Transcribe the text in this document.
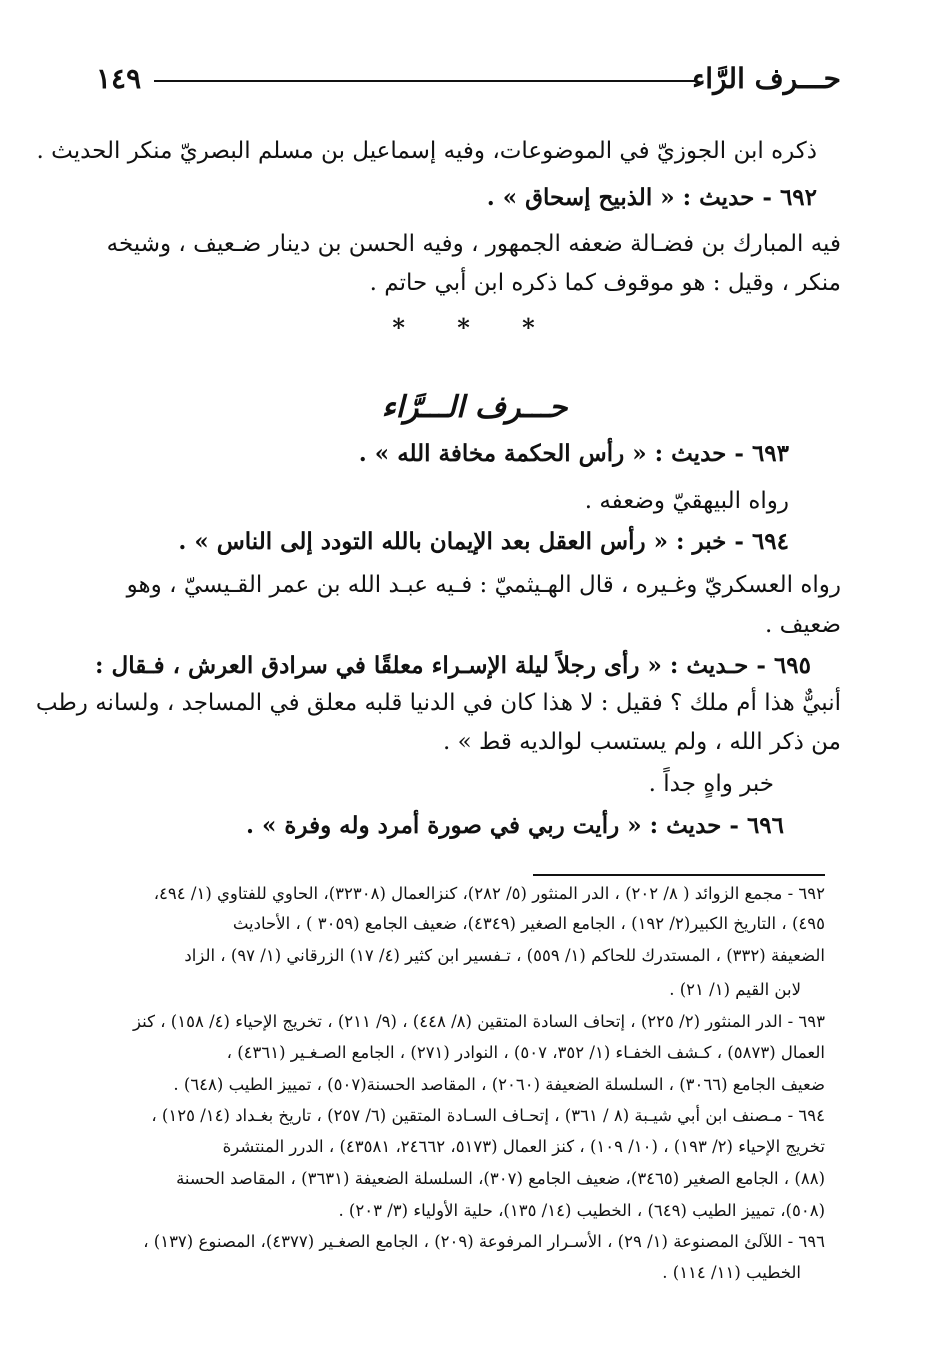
١٤٩	حـــرف الرَّاء
ذكره ابن الجوزيّ في الموضوعات، وفيه إسماعيل بن مسلم البصريّ منكر الحديث .
٦٩٢ - حديث : « الذبيح إسحاق » .
فيه المبارك بن فضـالة ضعفه الجمهور ، وفيه الحسن بن دينار ضـعيف ، وشيخه
منكر ، وقيل : هو موقوف كما ذكره ابن أبي حاتم .
* * *
حـــرف الـــرَّاء
٦٩٣ - حديث : « رأس الحكمة مخافة الله » .
رواه البيهقيّ وضعفه .
٦٩٤ - خبر : « رأس العقل بعد الإيمان بالله التودد إلى الناس » .
رواه العسكريّ وغـيره ، قال الهـيثميّ : فـيه عبـد الله بن عمر القـيسيّ ، وهو
ضعيف .
٦٩٥ - حـديث : « رأى رجلاً ليلة الإسـراء معلقًا في سرادق العرش ، فـقال :
أنبيٌّ هذا أم ملك ؟ فقيل : لا هذا كان في الدنيا قلبه معلق في المساجد ، ولسانه رطب
من ذكر الله ، ولم يستسب لوالديه قط » .
خبر واهٍ جداً .
٦٩٦ - حديث : « رأيت ربي في صورة أمرد وله وفرة » .
٦٩٢ - مجمع الزوائد ( ٨/ ٢٠٢) ، الدر المنثور (٥/ ٢٨٢)، كنزالعمال (٣٢٣٠٨)، الحاوي للفتاوي (١/ ٤٩٤،
٤٩٥) ، التاريخ الكبير(٢/ ١٩٢) ، الجامع الصغير (٤٣٤٩)، ضعيف الجامع (٣٠٥٩ ) ، الأحاديث
الضعيفة (٣٣٢) ، المستدرك للحاكم (١/ ٥٥٩) ، تـفسير ابن كثير (٤/ ١٧) الزرقاني (١/ ٩٧) ، الزاد
لابن القيم (١/ ٢١) .
٦٩٣ - الدر المنثور (٢/ ٢٢٥) ، إتحاف السادة المتقين (٨/ ٤٤٨) ، (٩/ ٢١١) ، تخريج الإحياء (٤/ ١٥٨) ، كنز
العمال (٥٨٧٣) ، كـشف الخفـاء (١/ ٣٥٢، ٥٠٧) ، النوادر (٢٧١) ، الجامع الصـغـير (٤٣٦١) ،
ضعيف الجامع (٣٠٦٦) ، السلسلة الضعيفة (٢٠٦٠) ، المقاصد الحسنة(٥٠٧) ، تمييز الطيب (٦٤٨) .
٦٩٤ - مـصنف ابن أبي شيـبة (٨ / ٣٦١) ، إتحـاف السـادة المتقين (٦/ ٢٥٧) ، تاريخ بغـداد (١٤/ ١٢٥) ،
تخريج الإحياء (٢/ ١٩٣) ، (١٠/ ١٠٩) ، كنز العمال (٥١٧٣، ٢٤٦٦٢، ٤٣٥٨١) ، الدرر المنتشرة
(٨٨) ، الجامع الصغير (٣٤٦٥)، ضعيف الجامع (٣٠٧)، السلسلة الضعيفة (٣٦٣١) ، المقاصد الحسنة
(٥٠٨)، تمييز الطيب (٦٤٩) ، الخطيب (١٤/ ١٣٥)، حلية الأولياء (٣/ ٢٠٣) .
٦٩٦ - اللآلئ المصنوعة (١/ ٢٩) ، الأسـرار المرفوعة (٢٠٩) ، الجامع الصغـير (٤٣٧٧)، المصنوع (١٣٧) ،
الخطيب (١١/ ١١٤) .
